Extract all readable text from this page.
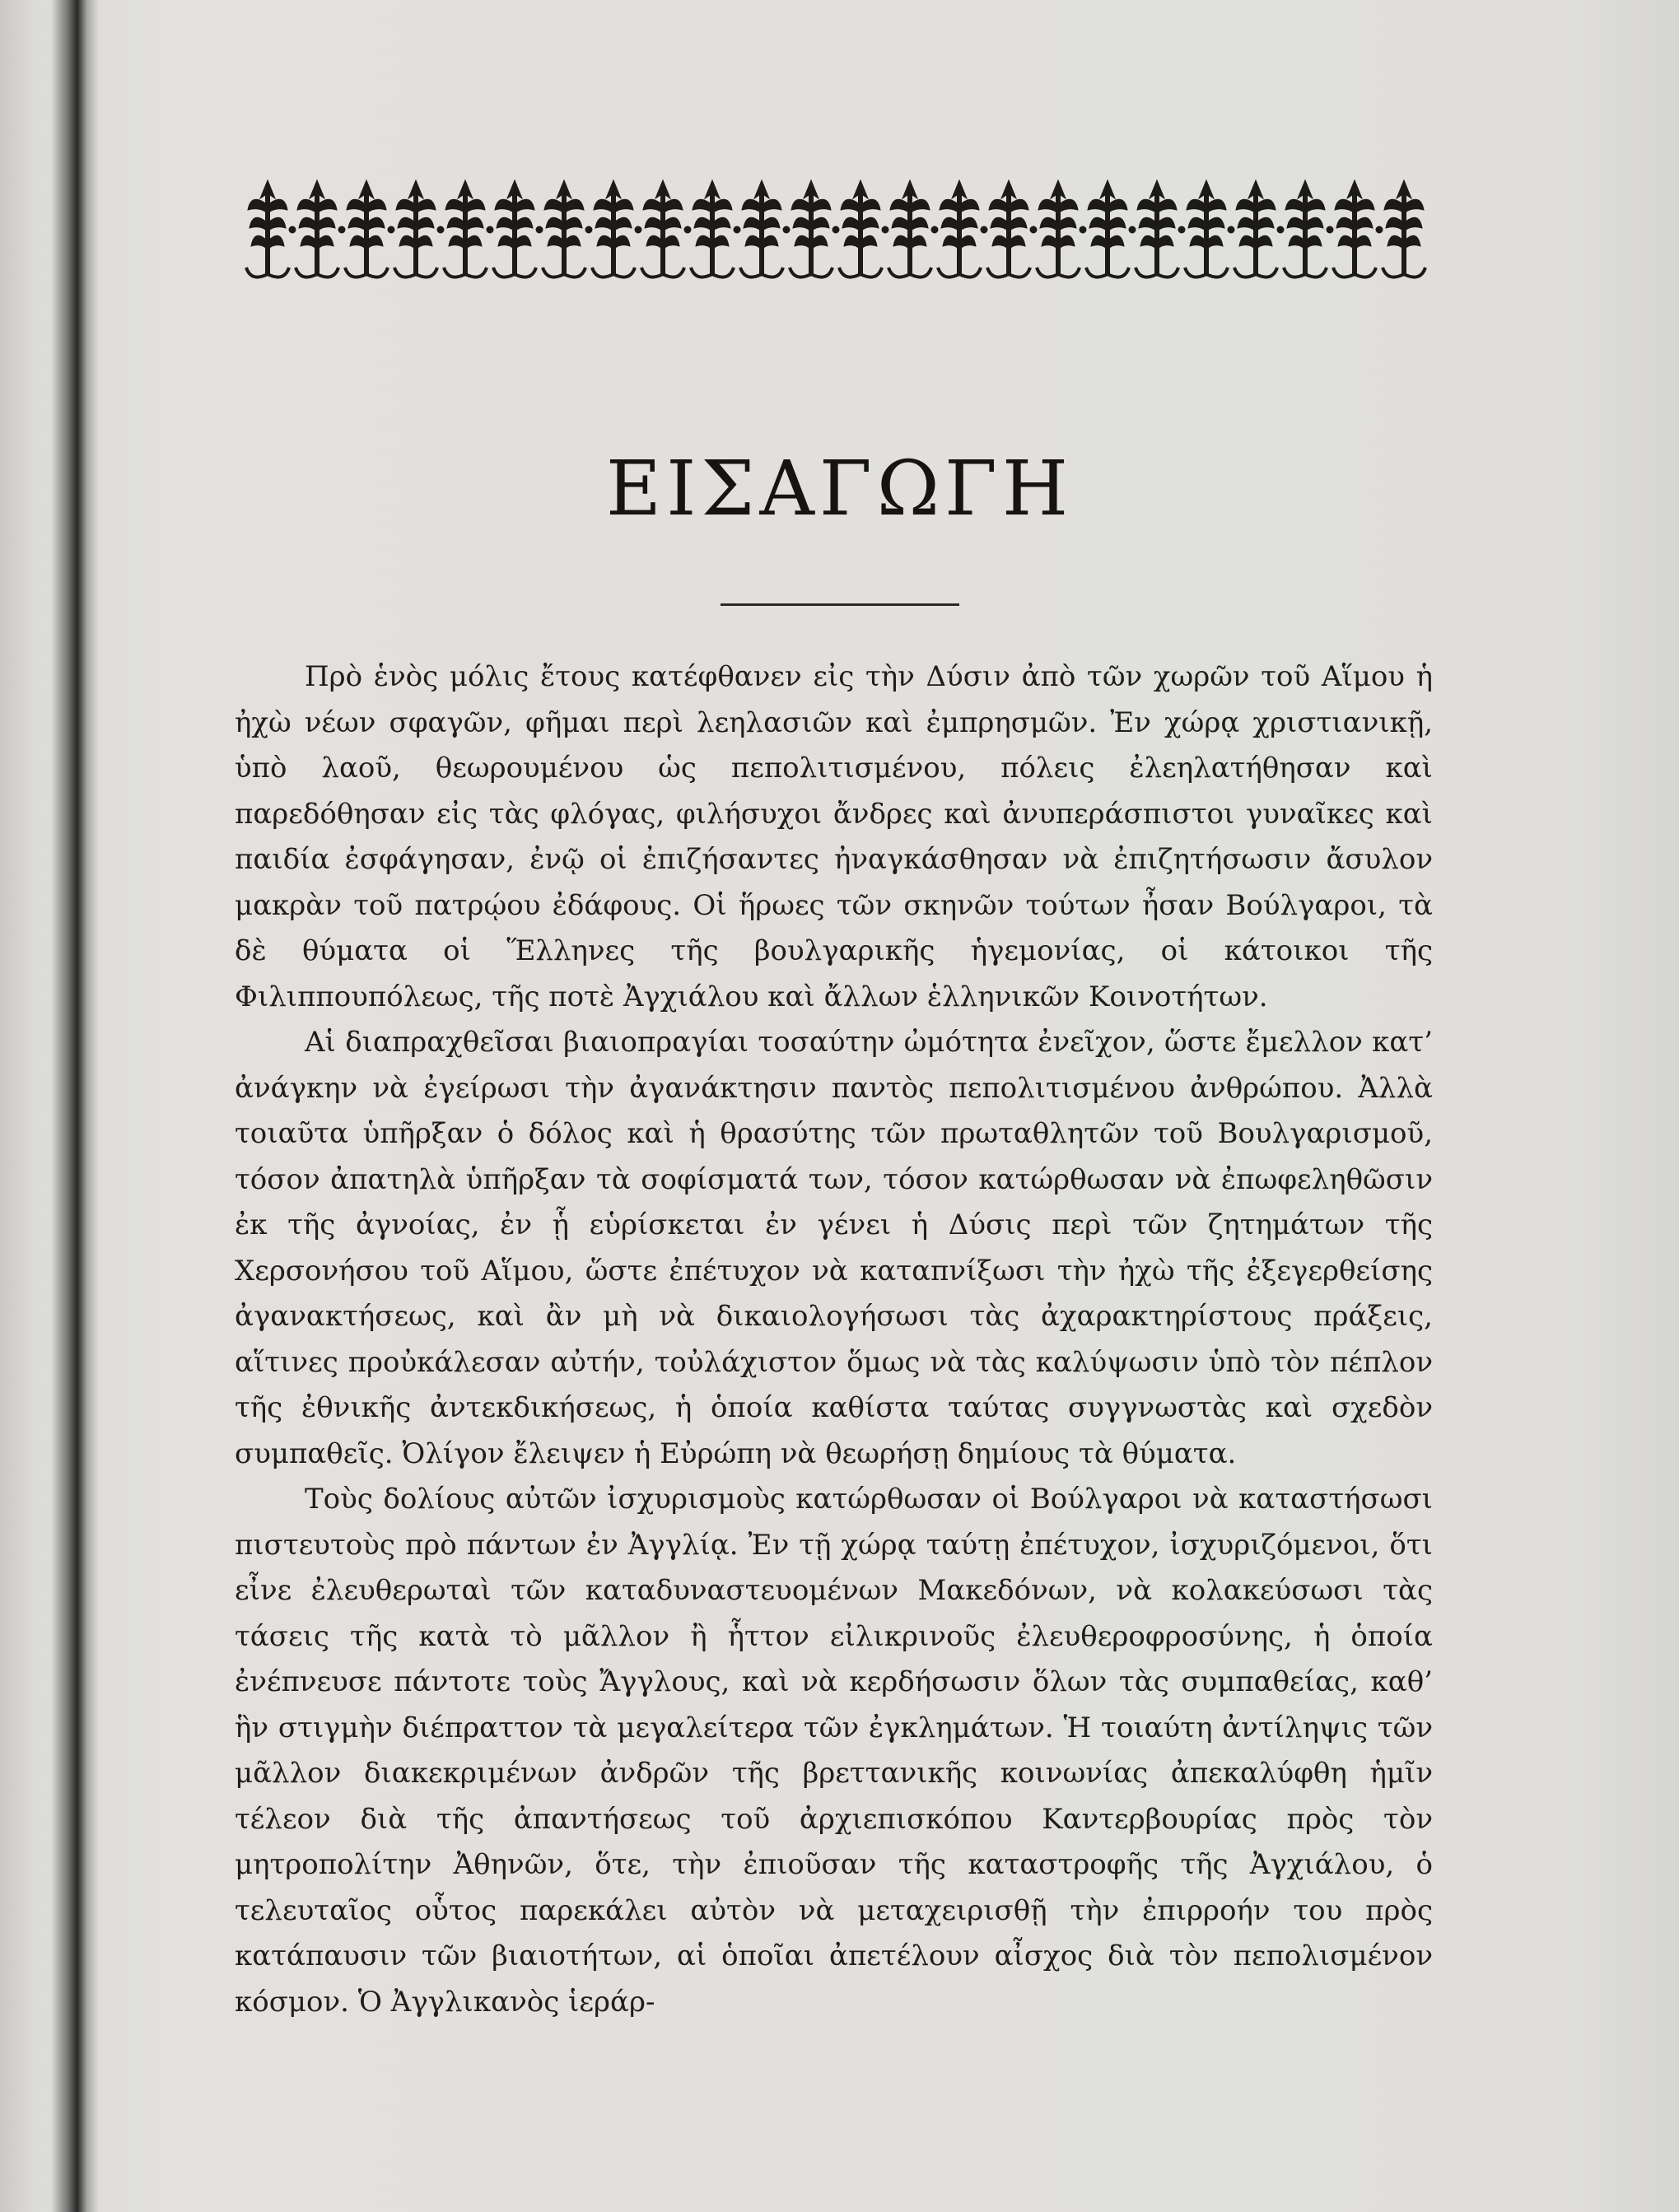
ΕΙΣΑΓΩΓΗ

Πρὸ ἑνὸς μόλις ἔτους κατέφθανεν εἰς τὴν Δύσιν ἀπὸ τῶν χωρῶν τοῦ Αἵμου ἡ ἠχὼ νέων σφαγῶν, φῆμαι περὶ λεηλασιῶν καὶ ἐμπρησμῶν. Ἐν χώρᾳ χριστιανικῇ, ὑπὸ λαοῦ, θεωρουμένου ὡς πεπολιτισμένου, πόλεις ἐλεηλατήθησαν καὶ παρεδόθησαν εἰς τὰς φλόγας, φιλήσυχοι ἄνδρες καὶ ἀνυπεράσπιστοι γυναῖκες καὶ παιδία ἐσφάγησαν, ἐνῷ οἱ ἐπιζήσαντες ἠναγκάσθησαν νὰ ἐπιζητήσωσιν ἄσυλον μακρὰν τοῦ πατρῴου ἐδάφους. Οἱ ἥρωες τῶν σκηνῶν τούτων ἦσαν Βούλγαροι, τὰ δὲ θύματα οἱ Ἕλληνες τῆς βουλγαρικῆς ἡγεμονίας, οἱ κάτοικοι τῆς Φιλιππουπόλεως, τῆς ποτὲ Ἀγχιάλου καὶ ἄλλων ἑλληνικῶν Κοινοτήτων.

Αἱ διαπραχθεῖσαι βιαιοπραγίαι τοσαύτην ὠμότητα ἐνεῖχον, ὥστε ἔμελλον κατ’ ἀνάγκην νὰ ἐγείρωσι τὴν ἀγανάκτησιν παντὸς πεπολιτισμένου ἀνθρώπου. Ἀλλὰ τοιαῦτα ὑπῆρξαν ὁ δόλος καὶ ἡ θρασύτης τῶν πρωταθλητῶν τοῦ Βουλγαρισμοῦ, τόσον ἀπατηλὰ ὑπῆρξαν τὰ σοφίσματά των, τόσον κατώρθωσαν νὰ ἐπωφεληθῶσιν ἐκ τῆς ἀγνοίας, ἐν ᾗ εὑρίσκεται ἐν γένει ἡ Δύσις περὶ τῶν ζητημάτων τῆς Χερσονήσου τοῦ Αἵμου, ὥστε ἐπέτυχον νὰ καταπνίξωσι τὴν ἠχὼ τῆς ἐξεγερθείσης ἀγανακτήσεως, καὶ ἂν μὴ νὰ δικαιολογήσωσι τὰς ἀχαρακτηρίστους πράξεις, αἵτινες προὐκάλεσαν αὐτήν, τοὐλάχιστον ὅμως νὰ τὰς καλύψωσιν ὑπὸ τὸν πέπλον τῆς ἐθνικῆς ἀντεκδικήσεως, ἡ ὁποία καθίστα ταύτας συγγνωστὰς καὶ σχεδὸν συμπαθεῖς. Ὀλίγον ἔλειψεν ἡ Εὐρώπη νὰ θεωρήσῃ δημίους τὰ θύματα.

Τοὺς δολίους αὐτῶν ἰσχυρισμοὺς κατώρθωσαν οἱ Βούλγαροι νὰ καταστήσωσι πιστευτοὺς πρὸ πάντων ἐν Ἀγγλίᾳ. Ἐν τῇ χώρᾳ ταύτῃ ἐπέτυχον, ἰσχυριζόμενοι, ὅτι εἶνε ἐλευθερωταὶ τῶν καταδυναστευομένων Μακεδόνων, νὰ κολακεύσωσι τὰς τάσεις τῆς κατὰ τὸ μᾶλλον ἢ ἧττον εἰλικρινοῦς ἐλευθεροφροσύνης, ἡ ὁποία ἐνέπνευσε πάντοτε τοὺς Ἄγγλους, καὶ νὰ κερδήσωσιν ὅλων τὰς συμπαθείας, καθ’ ἣν στιγμὴν διέπραττον τὰ μεγαλείτερα τῶν ἐγκλημάτων. Ἡ τοιαύτη ἀντίληψις τῶν μᾶλλον διακεκριμένων ἀνδρῶν τῆς βρεττανικῆς κοινωνίας ἀπεκαλύφθη ἡμῖν τέλεον διὰ τῆς ἀπαντήσεως τοῦ ἀρχιεπισκόπου Καντερβουρίας πρὸς τὸν μητροπολίτην Ἀθηνῶν, ὅτε, τὴν ἐπιοῦσαν τῆς καταστροφῆς τῆς Ἀγχιάλου, ὁ τελευταῖος οὗτος παρεκάλει αὐτὸν νὰ μεταχειρισθῇ τὴν ἐπιρροήν του πρὸς κατάπαυσιν τῶν βιαιοτήτων, αἱ ὁποῖαι ἀπετέλουν αἶσχος διὰ τὸν πεπολισμένον κόσμον. Ὁ Ἀγγλικανὸς ἱεράρ-
